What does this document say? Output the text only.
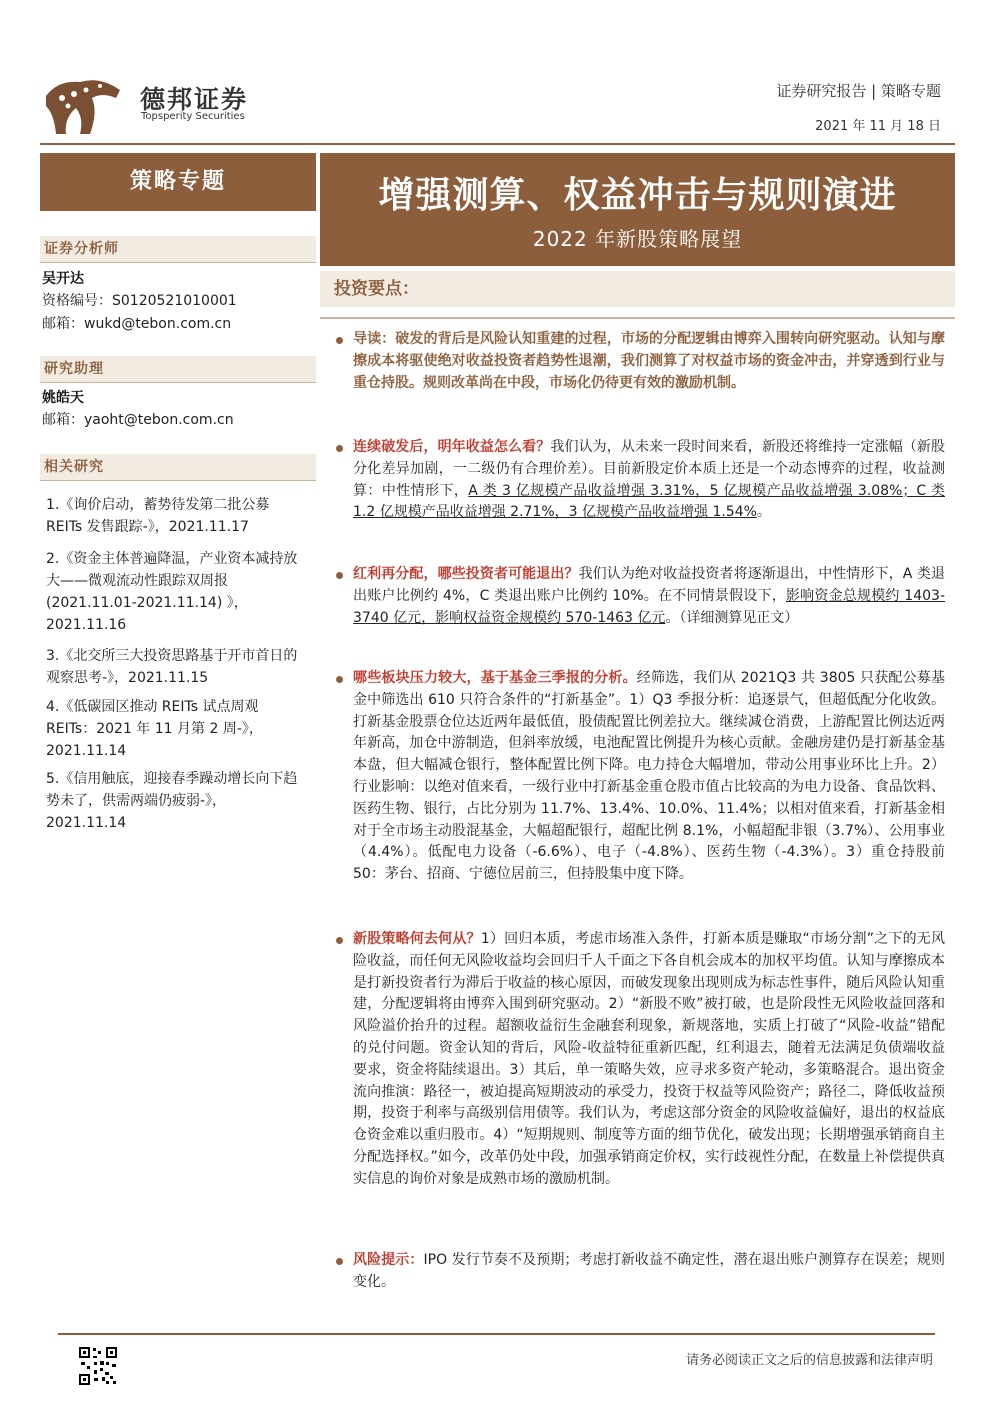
德邦证券
Topsperity Securities
证券研究报告 | 策略专题
2021 年 11 月 18 日
策略专题
证券分析师
吴开达
资格编号：S0120521010001
邮箱：wukd@tebon.com.cn
研究助理
姚皓天
邮箱：yaoht@tebon.com.cn
相关研究
1.《询价启动，蓄势待发第二批公募REITs 发售跟踪-》，2021.11.17
2.《资金主体普遍降温，产业资本减持放大——微观流动性跟踪双周报(2021.11.01-2021.11.14) 》，2021.11.16
3.《北交所三大投资思路基于开市首日的观察思考-》，2021.11.15
4.《低碳园区推动 REITs 试点周观REITs：2021 年 11 月第 2 周-》，2021.11.14
5.《信用触底，迎接春季躁动增长向下趋势未了，供需两端仍疲弱-》，2021.11.14
增强测算、权益冲击与规则演进
2022 年新股策略展望
投资要点：
导读：破发的背后是风险认知重建的过程，市场的分配逻辑由博弈入围转向研究驱动。认知与摩擦成本将驱使绝对收益投资者趋势性退潮，我们测算了对权益市场的资金冲击，并穿透到行业与重仓持股。规则改革尚在中段，市场化仍待更有效的激励机制。
连续破发后，明年收益怎么看？我们认为，从未来一段时间来看，新股还将维持一定涨幅（新股分化差异加剧，一二级仍有合理价差）。目前新股定价本质上还是一个动态博弈的过程，收益测算：中性情形下，A 类 3 亿规模产品收益增强 3.31%，5 亿规模产品收益增强 3.08%；C 类 1.2 亿规模产品收益增强 2.71%，3 亿规模产品收益增强 1.54%。
红利再分配，哪些投资者可能退出？我们认为绝对收益投资者将逐渐退出，中性情形下，A 类退出账户比例约 4%，C 类退出账户比例约 10%。在不同情景假设下，影响资金总规模约 1403-3740 亿元，影响权益资金规模约 570-1463 亿元。（详细测算见正文）
哪些板块压力较大，基于基金三季报的分析。经筛选，我们从 2021Q3 共 3805 只获配公募基金中筛选出 610 只符合条件的“打新基金”。1）Q3 季报分析：追逐景气，但超低配分化收敛。打新基金股票仓位达近两年最低值，股债配置比例差拉大。继续减仓消费，上游配置比例达近两年新高，加仓中游制造，但斜率放缓，电池配置比例提升为核心贡献。金融房建仍是打新基金基本盘，但大幅减仓银行，整体配置比例下降。电力持仓大幅增加，带动公用事业环比上升。2）行业影响：以绝对值来看，一级行业中打新基金重仓股市值占比较高的为电力设备、食品饮料、医药生物、银行，占比分别为 11.7%、13.4%、10.0%、11.4%；以相对值来看，打新基金相对于全市场主动股混基金，大幅超配银行，超配比例 8.1%，小幅超配非银（3.7%）、公用事业（4.4%）。低配电力设备（-6.6%）、电子（-4.8%）、医药生物（-4.3%）。3）重仓持股前 50：茅台、招商、宁德位居前三，但持股集中度下降。
新股策略何去何从？1）回归本质，考虑市场准入条件，打新本质是赚取“市场分割”之下的无风险收益，而任何无风险收益均会回归千人千面之下各自机会成本的加权平均值。认知与摩擦成本是打新投资者行为滞后于收益的核心原因，而破发现象出现则成为标志性事件，随后风险认知重建，分配逻辑将由博弈入围到研究驱动。2）“新股不败”被打破，也是阶段性无风险收益回落和风险溢价抬升的过程。超额收益衍生金融套利现象，新规落地，实质上打破了“风险-收益”错配的兑付问题。资金认知的背后，风险-收益特征重新匹配，红利退去，随着无法满足负债端收益要求，资金将陆续退出。3）其后，单一策略失效，应寻求多资产轮动，多策略混合。退出资金流向推演：路径一，被迫提高短期波动的承受力，投资于权益等风险资产；路径二，降低收益预期，投资于利率与高级别信用债等。我们认为，考虑这部分资金的风险收益偏好，退出的权益底仓资金难以重归股市。4）“短期规则、制度等方面的细节优化，破发出现；长期增强承销商自主分配选择权。”如今，改革仍处中段，加强承销商定价权，实行歧视性分配，在数量上补偿提供真实信息的询价对象是成熟市场的激励机制。
风险提示：IPO 发行节奏不及预期；考虑打新收益不确定性，潜在退出账户测算存在误差；规则变化。
请务必阅读正文之后的信息披露和法律声明
